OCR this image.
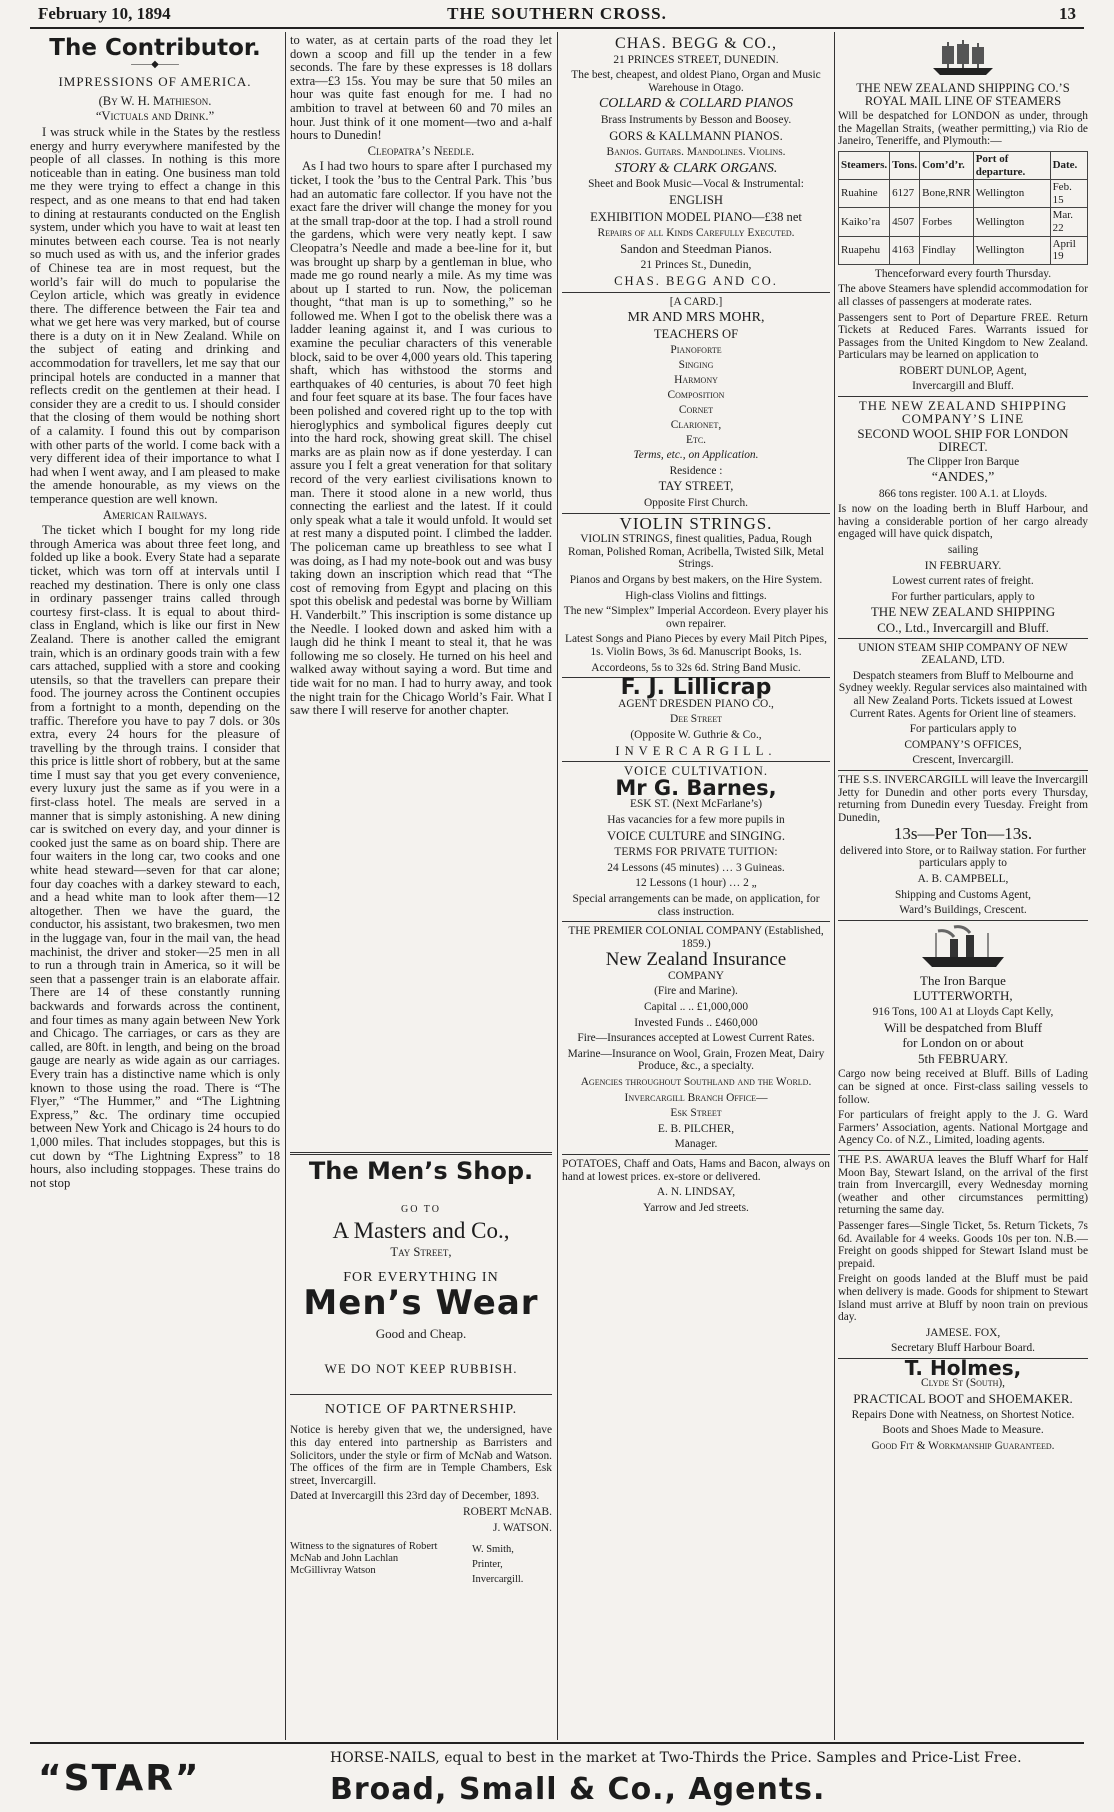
February 10, 1894	THE SOUTHERN CROSS.	13
The Contributor.
——◆——
IMPRESSIONS OF AMERICA.

(By W. H. Mathieson.

“Victuals and Drink.”

I was struck while in the States by the restless energy and hurry everywhere manifested by the people of all classes. In nothing is this more noticeable than in eating. One business man told me they were trying to effect a change in this respect, and as one means to that end had taken to dining at restaurants conducted on the English system, under which you have to wait at least ten minutes between each course. Tea is not nearly so much used as with us, and the inferior grades of Chinese tea are in most request, but the world’s fair will do much to popularise the Ceylon article, which was greatly in evidence there. The difference between the Fair tea and what we get here was very marked, but of course there is a duty on it in New Zealand. While on the subject of eating and drinking and accommodation for travellers, let me say that our principal hotels are conducted in a manner that reflects credit on the gentlemen at their head. I consider they are a credit to us. I should consider that the closing of them would be nothing short of a calamity. I found this out by comparison with other parts of the world. I come back with a very different idea of their importance to what I had when I went away, and I am pleased to make the amende honourable, as my views on the temperance question are well known.

American Railways.

The ticket which I bought for my long ride through America was about three feet long, and folded up like a book. Every State had a separate ticket, which was torn off at intervals until I reached my destination. There is only one class in ordinary passenger trains called through courtesy first-class. It is equal to about third-class in England, which is like our first in New Zealand. There is another called the emigrant train, which is an ordinary goods train with a few cars attached, supplied with a store and cooking utensils, so that the travellers can prepare their food. The journey across the Continent occupies from a fortnight to a month, depending on the traffic. Therefore you have to pay 7 dols. or 30s extra, every 24 hours for the pleasure of travelling by the through trains. I consider that this price is little short of robbery, but at the same time I must say that you get every convenience, every luxury just the same as if you were in a first-class hotel. The meals are served in a manner that is simply astonishing. A new dining car is switched on every day, and your dinner is cooked just the same as on board ship. There are four waiters in the long car, two cooks and one white head steward—seven for that car alone; four day coaches with a darkey steward to each, and a head white man to look after them—12 altogether. Then we have the guard, the conductor, his assistant, two brakesmen, two men in the luggage van, four in the mail van, the head machinist, the driver and stoker—25 men in all to run a through train in America, so it will be seen that a passenger train is an elaborate affair. There are 14 of these constantly running backwards and forwards across the continent, and four times as many again between New York and Chicago. The carriages, or cars as they are called, are 80ft. in length, and being on the broad gauge are nearly as wide again as our carriages. Every train has a distinctive name which is only known to those using the road. There is “The Flyer,” “The Hummer,” and “The Lightning Express,” &c. The ordinary time occupied between New York and Chicago is 24 hours to do 1,000 miles. That includes stoppages, but this is cut down by “The Lightning Express” to 18 hours, also including stoppages. These trains do not stop

to water, as at certain parts of the road they let down a scoop and fill up the tender in a few seconds. The fare by these expresses is 18 dollars extra—£3 15s. You may be sure that 50 miles an hour was quite fast enough for me. I had no ambition to travel at between 60 and 70 miles an hour. Just think of it one moment—two and a-half hours to Dunedin!

Cleopatra’s Needle.

As I had two hours to spare after I purchased my ticket, I took the ’bus to the Central Park. This ’bus had an automatic fare collector. If you have not the exact fare the driver will change the money for you at the small trap-door at the top. I had a stroll round the gardens, which were very neatly kept. I saw Cleopatra’s Needle and made a bee-line for it, but was brought up sharp by a gentleman in blue, who made me go round nearly a mile. As my time was about up I started to run. Now, the policeman thought, “that man is up to something,” so he followed me. When I got to the obelisk there was a ladder leaning against it, and I was curious to examine the peculiar characters of this venerable block, said to be over 4,000 years old. This tapering shaft, which has withstood the storms and earthquakes of 40 centuries, is about 70 feet high and four feet square at its base. The four faces have been polished and covered right up to the top with hieroglyphics and symbolical figures deeply cut into the hard rock, showing great skill. The chisel marks are as plain now as if done yesterday. I can assure you I felt a great veneration for that solitary record of the very earliest civilisations known to man. There it stood alone in a new world, thus connecting the earliest and the latest. If it could only speak what a tale it would unfold. It would set at rest many a disputed point. I climbed the ladder. The policeman came up breathless to see what I was doing, as I had my note-book out and was busy taking down an inscription which read that “The cost of removing from Egypt and placing on this spot this obelisk and pedestal was borne by William H. Vanderbilt.” This inscription is some distance up the Needle. I looked down and asked him with a laugh did he think I meant to steal it, that he was following me so closely. He turned on his heel and walked away without saying a word. But time and tide wait for no man. I had to hurry away, and took the night train for the Chicago World’s Fair. What I saw there I will reserve for another chapter.

The Men’s Shop.
GO TO
A Masters and Co.,
Tay Street,
FOR EVERYTHING IN
Men’s Wear
Good and Cheap.
WE DO NOT KEEP RUBBISH.
NOTICE OF PARTNERSHIP.
Notice is hereby given that we, the undersigned, have this day entered into partnership as Barristers and Solicitors, under the style or firm of McNab and Watson. The offices of the firm are in Temple Chambers, Esk street, Invercargill.
Dated at Invercargill this 23rd day of December, 1893.
ROBERT McNAB.
J. WATSON.
Witness to the signatures of Robert McNab and John Lachlan McGillivray Watson
W. Smith,
Printer,
Invercargill.
CHAS. BEGG & CO.,
21 PRINCES STREET, DUNEDIN.
The best, cheapest, and oldest Piano, Organ and Music Warehouse in Otago.
COLLARD & COLLARD PIANOS
Brass Instruments by Besson and Boosey.
GORS & KALLMANN PIANOS.
Banjos. Guitars. Mandolines. Violins.
STORY & CLARK ORGANS.
Sheet and Book Music—Vocal & Instrumental:
ENGLISH
EXHIBITION MODEL PIANO—£38 net
Repairs of all Kinds Carefully Executed.
Sandon and Steedman Pianos.
21 Princes St., Dunedin,
CHAS. BEGG AND CO.
[A CARD.]
MR AND MRS MOHR,
TEACHERS OF
Pianoforte
Singing
Harmony
Composition
Cornet
Clarionet,
Etc.
Terms, etc., on Application.
Residence :
TAY STREET,
Opposite First Church.
VIOLIN STRINGS.
VIOLIN STRINGS, finest qualities, Padua, Rough Roman, Polished Roman, Acribella, Twisted Silk, Metal Strings.
Pianos and Organs by best makers, on the Hire System.
High-class Violins and fittings.
The new “Simplex” Imperial Accordeon. Every player his own repairer.
Latest Songs and Piano Pieces by every Mail Pitch Pipes, 1s. Violin Bows, 3s 6d. Manuscript Books, 1s.
Accordeons, 5s to 32s 6d. String Band Music.
F. J. Lillicrap
AGENT DRESDEN PIANO CO.,
Dee Street
(Opposite W. Guthrie & Co.,
INVERCARGILL.
VOICE CULTIVATION.
Mr G. Barnes,
ESK ST. (Next McFarlane’s)
Has vacancies for a few more pupils in
VOICE CULTURE and SINGING.
TERMS FOR PRIVATE TUITION:
24 Lessons (45 minutes) … 3 Guineas.
12 Lessons (1 hour) … 2 „
Special arrangements can be made, on application, for class instruction.
THE PREMIER COLONIAL COMPANY (Established, 1859.)
New Zealand Insurance
COMPANY
(Fire and Marine).
Capital .. .. £1,000,000
Invested Funds .. £460,000
Fire—Insurances accepted at Lowest Current Rates.
Marine—Insurance on Wool, Grain, Frozen Meat, Dairy Produce, &c., a specialty.
Agencies throughout Southland and the World.
Invercargill Branch Office—
Esk Street
E. B. PILCHER,
Manager.
POTATOES, Chaff and Oats, Hams and Bacon, always on hand at lowest prices. ex-store or delivered.
A. N. LINDSAY,
Yarrow and Jed streets.
THE NEW ZEALAND SHIPPING CO.’S ROYAL MAIL LINE OF STEAMERS
Will be despatched for LONDON as under, through the Magellan Straits, (weather permitting,) via Rio de Janeiro, Teneriffe, and Plymouth:—
Steamers.	Tons.	Com’d’r.	Port of departure.	Date.
Ruahine	6127	Bone,RNR	Wellington	Feb. 15
Kaiko’ra	4507	Forbes	Wellington	Mar. 22
Ruapehu	4163	Findlay	Wellington	April 19
Thenceforward every fourth Thursday.
The above Steamers have splendid accommodation for all classes of passengers at moderate rates.
Passengers sent to Port of Departure FREE. Return Tickets at Reduced Fares. Warrants issued for Passages from the United Kingdom to New Zealand. Particulars may be learned on application to
ROBERT DUNLOP, Agent,
Invercargill and Bluff.
THE NEW ZEALAND SHIPPING COMPANY’S LINE
SECOND WOOL SHIP FOR LONDON DIRECT.
The Clipper Iron Barque
“ANDES,”
866 tons register. 100 A.1. at Lloyds.
Is now on the loading berth in Bluff Harbour, and having a considerable portion of her cargo already engaged will have quick dispatch,
sailing
IN FEBRUARY.
Lowest current rates of freight.
For further particulars, apply to
THE NEW ZEALAND SHIPPING
CO., Ltd., Invercargill and Bluff.
UNION STEAM SHIP COMPANY OF NEW ZEALAND, LTD.
Despatch steamers from Bluff to Melbourne and Sydney weekly. Regular services also maintained with all New Zealand Ports. Tickets issued at Lowest Current Rates. Agents for Orient line of steamers.
For particulars apply to
COMPANY’S OFFICES,
Crescent, Invercargill.
THE S.S. INVERCARGILL will leave the Invercargill Jetty for Dunedin and other ports every Thursday, returning from Dunedin every Tuesday. Freight from Dunedin,
13s—Per Ton—13s.
delivered into Store, or to Railway station. For further particulars apply to
A. B. CAMPBELL,
Shipping and Customs Agent,
Ward’s Buildings, Crescent.
The Iron Barque
LUTTERWORTH,
916 Tons, 100 A1 at Lloyds Capt Kelly,
Will be despatched from Bluff
for London on or about
5th FEBRUARY.
Cargo now being received at Bluff. Bills of Lading can be signed at once. First-class sailing vessels to follow.
For particulars of freight apply to the J. G. Ward Farmers’ Association, agents. National Mortgage and Agency Co. of N.Z., Limited, loading agents.
THE P.S. AWARUA leaves the Bluff Wharf for Half Moon Bay, Stewart Island, on the arrival of the first train from Invercargill, every Wednesday morning (weather and other circumstances permitting) returning the same day.
Passenger fares—Single Ticket, 5s. Return Tickets, 7s 6d. Available for 4 weeks. Goods 10s per ton. N.B.—Freight on goods shipped for Stewart Island must be prepaid.
Freight on goods landed at the Bluff must be paid when delivery is made. Goods for shipment to Stewart Island must arrive at Bluff by noon train on previous day.
JAMESE. FOX,
Secretary Bluff Harbour Board.
T. Holmes,
Clyde St (South),
PRACTICAL BOOT and SHOEMAKER.
Repairs Done with Neatness, on Shortest Notice.
Boots and Shoes Made to Measure.
Good Fit & Workmanship Guaranteed.
“STAR”	HORSE-NAILS, equal to best in the market at Two-Thirds the Price. Samples and Price-List Free.
Broad, Small & Co., Agents.
